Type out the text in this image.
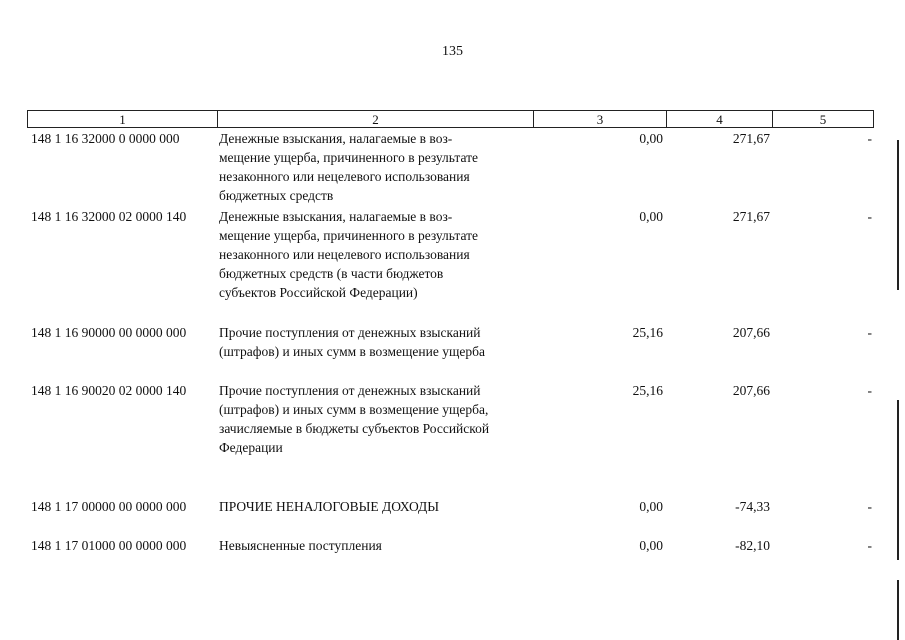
135
1	2	3	4	5
148 1 16 32000 0 0000 000	Денежные взыскания, налагаемые в воз-
мещение ущерба, причиненного в результате
незаконного или нецелевого использования
бюджетных средств
0,00	271,67	-
148 1 16 32000 02 0000 140 Денежные взыскания, налагаемые в воз-
мещение ущерба, причиненного в результате
незаконного или нецелевого использования
бюджетных средств (в части бюджетов
субъектов Российской Федерации)
0,00	271,67	-
148 1 16 90000 00 0000 000 Прочие поступления от денежных взысканий
(штрафов) и иных сумм в возмещение ущерба
25,16	207,66	-
148 1 16 90020 02 0000 140 Прочие поступления от денежных взысканий
(штрафов) и иных сумм в возмещение ущерба,
зачисляемые в бюджеты субъектов Российской
Федерации
25,16	207,66	-
148 1 17 00000 00 0000 000 ПРОЧИЕ НЕНАЛОГОВЫЕ ДОХОДЫ	0,00	-74,33	-
148 1 17 01000 00 0000 000 Невыясненные поступления	0,00	-82,10	-
